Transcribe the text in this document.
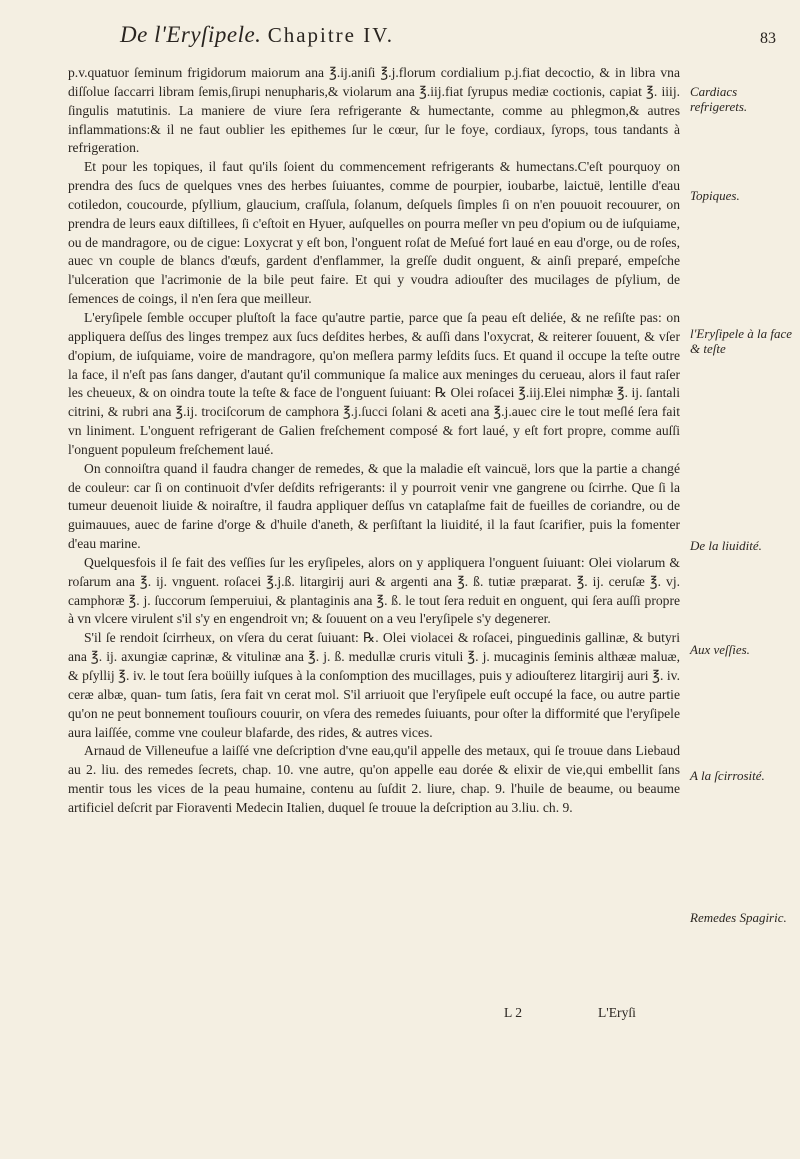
De l'Eryſipele. Chapitre IV.	83

p.v.quatuor ſeminum frigidorum maiorum ana ℥.ij.aniſi ℥.j.florum cordialium p.j.fiat decoctio, & in libra vna diſſolue ſaccarri libram ſemis,ſirupi nenupharis,& violarum ana ℥.iij.fiat ſyrupus mediæ coctionis, capiat ℥. iiij. ſingulis matutinis. La maniere de viure ſera refrigerante & humectante, comme au phlegmon,& autres inflammations:& il ne faut oublier les epithemes ſur le cœur, ſur le foye, cordiaux, ſyrops, tous tandants à refrigeration.

Et pour les topiques, il faut qu'ils ſoient du commencement refrigerants & humectans.C'eſt pourquoy on prendra des ſucs de quelques vnes des herbes ſuiuantes, comme de pourpier, ioubarbe, laictuë, lentille d'eau cotiledon, coucourde, pſyllium, glaucium, craſſula, ſolanum, deſquels ſimples ſi on n'en pouuoit recouurer, on prendra de leurs eaux diſtillees, ſi c'eſtoit en Hyuer, auſquelles on pourra meſler vn peu d'opium ou de iuſquiame, ou de mandragore, ou de cigue: Loxycrat y eſt bon, l'onguent roſat de Meſué fort laué en eau d'orge, ou de roſes, auec vn couple de blancs d'œufs, gardent d'enflammer, la greſſe dudit onguent, & ainſi preparé, empeſche l'ulceration que l'acrimonie de la bile peut faire. Et qui y voudra adiouſter des mucilages de pſylium, de ſemences de coings, il n'en ſera que meilleur.

L'eryſipele ſemble occuper pluſtoſt la face qu'autre partie, parce que ſa peau eſt deliée, & ne reſiſte pas: on appliquera deſſus des linges trempez aux ſucs deſdites herbes, & auſſi dans l'oxycrat, & reiterer ſouuent, & vſer d'opium, de iuſquiame, voire de mandragore, qu'on meſlera parmy leſdits ſucs. Et quand il occupe la teſte outre la face, il n'eſt pas ſans danger, d'autant qu'il communique ſa malice aux meninges du cerueau, alors il faut raſer les cheueux, & on oindra toute la teſte & face de l'onguent ſuiuant: ℞ Olei roſacei ℥.iij.Elei nimphæ ℥. ij. ſantali citrini, & rubri ana ℥.ij. trociſcorum de camphora ℥.j.ſucci ſolani & aceti ana ℥.j.auec cire le tout meſlé ſera fait vn liniment. L'onguent refrigerant de Galien freſchement composé & fort laué, y eſt fort propre, comme auſſi l'onguent populeum freſchement laué.

On connoiſtra quand il faudra changer de remedes, & que la maladie eſt vaincuë, lors que la partie a changé de couleur: car ſi on continuoit d'vſer deſdits refrigerants: il y pourroit venir vne gangrene ou ſcirrhe. Que ſi la tumeur deuenoit liuide & noiraſtre, il faudra appliquer deſſus vn cataplaſme fait de fueilles de coriandre, ou de guimauues, auec de farine d'orge & d'huile d'aneth, & perſiſtant la liuidité, il la faut ſcarifier, puis la fomenter d'eau marine.

Quelquesfois il ſe fait des veſſies ſur les eryſipeles, alors on y appliquera l'onguent ſuiuant: Olei violarum & roſarum ana ℥. ij. vnguent. roſacei ℥.j.ß. litargirij auri & argenti ana ℥. ß. tutiæ præparat. ℥. ij. ceruſæ ℥. vj. camphoræ ℥. j. ſuccorum ſemperuiui, & plantaginis ana ℥. ß. le tout ſera reduit en onguent, qui ſera auſſi propre à vn vlcere virulent s'il s'y en engendroit vn; & ſouuent on a veu l'eryſipele s'y degenerer.

S'il ſe rendoit ſcirrheux, on vſera du cerat ſuiuant: ℞. Olei violacei & roſacei, pinguedinis gallinæ, & butyri ana ℥. ij. axungiæ caprinæ, & vitulinæ ana ℥. j. ß. medullæ cruris vituli ℥. j. mucaginis ſeminis althææ maluæ, & pſyllij ℥. iv. le tout ſera boüilly iuſques à la conſomption des mucillages, puis y adiouſterez litargirij auri ℥. iv. ceræ albæ, quan- tum ſatis, ſera fait vn cerat mol. S'il arriuoit que l'eryſipele euſt occupé la face, ou autre partie qu'on ne peut bonnement touſiours couurir, on vſera des remedes ſuiuants, pour oſter la difformité que l'eryſipele aura laiſſée, comme vne couleur blafarde, des rides, & autres vices.

Arnaud de Villeneufue a laiſſé vne deſcription d'vne eau,qu'il appelle des metaux, qui ſe trouue dans Liebaud au 2. liu. des remedes ſecrets, chap. 10. vne autre, qu'on appelle eau dorée & elixir de vie,qui embellit ſans mentir tous les vices de la peau humaine, contenu au ſuſdit 2. liure, chap. 9. l'huile de beaume, ou beaume artificiel deſcrit par Fioraventi Medecin Italien, duquel ſe trouue la deſcription au 3.liu. ch. 9.

Cardiacs refrigerets.
Topiques.
l'Eryſipele à la face & teſte
De la liuidité.
Aux veſſies.
A la ſcirrosité.
Remedes Spagiric.
L 2	L'Eryſi
